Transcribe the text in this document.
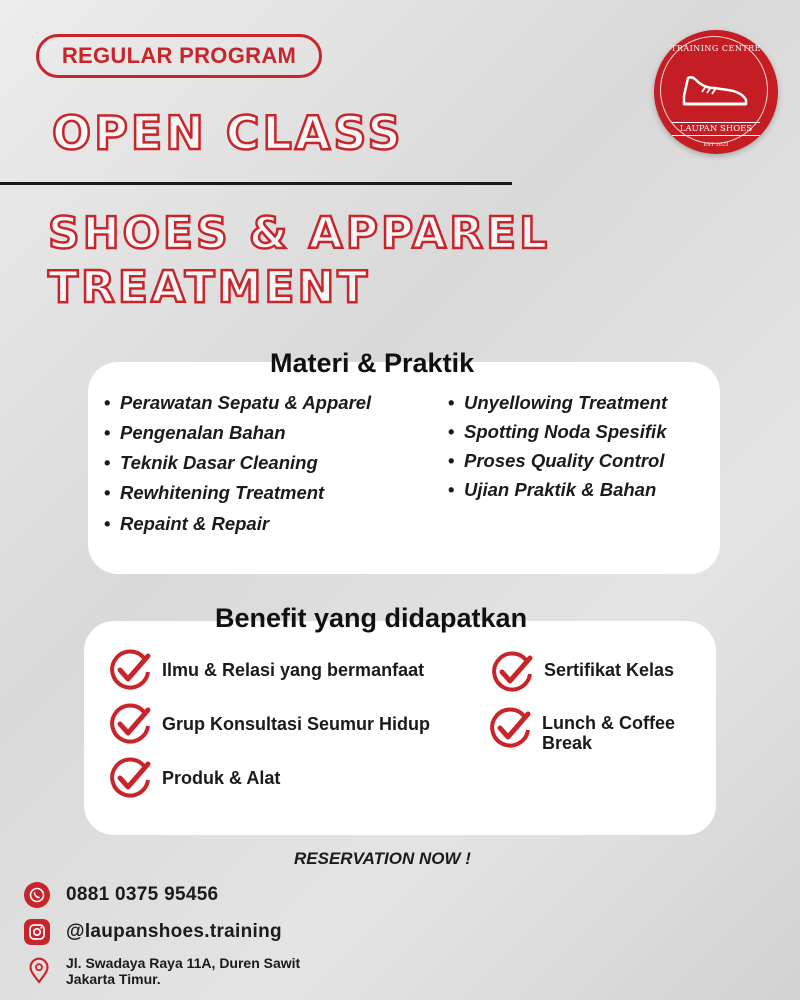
REGULAR PROGRAM
OPEN CLASS
SHOES & APPAREL
TREATMENT
TRAINING CENTRE
LAUPAN SHOES
EST 2023
• Perawatan Sepatu & Apparel
• Pengenalan Bahan
• Teknik Dasar Cleaning
• Rewhitening Treatment
• Repaint & Repair
• Unyellowing Treatment
• Spotting Noda Spesifik
• Proses Quality Control
• Ujian Praktik & Bahan
Materi & Praktik
Benefit yang didapatkan
Ilmu & Relasi yang bermanfaat
Grup Konsultasi Seumur Hidup
Produk & Alat
Sertifikat Kelas
Lunch & Coffee Break
RESERVATION NOW !
0881 0375 95456
@laupanshoes.training
Jl. Swadaya Raya 11A, Duren Sawit
Jakarta Timur.
